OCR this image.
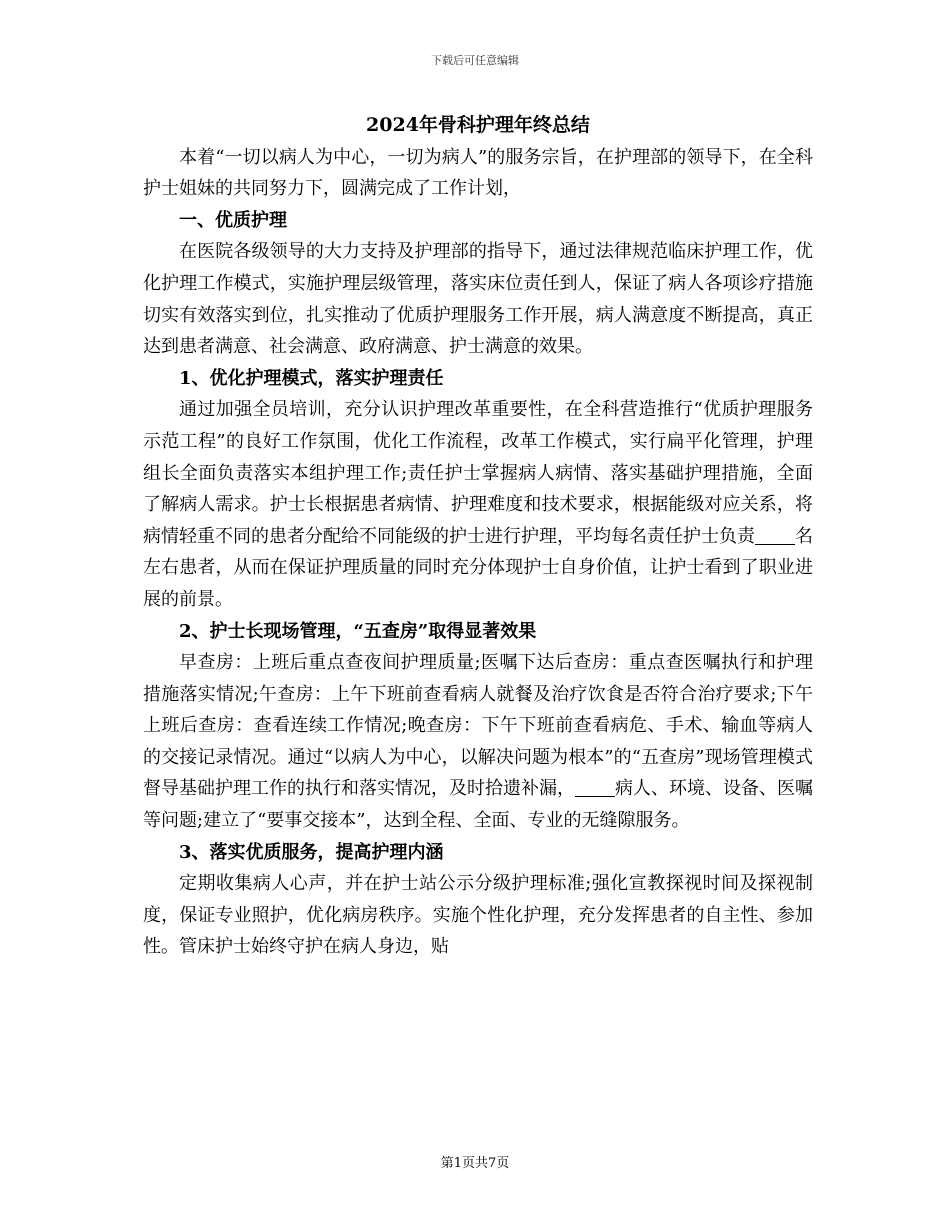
下载后可任意编辑

2024年骨科护理年终总结

本着“一切以病人为中心，一切为病人”的服务宗旨，在护理部的领导下，在全科护士姐妹的共同努力下，圆满完成了工作计划，

一、优质护理

在医院各级领导的大力支持及护理部的指导下，通过法律规范临床护理工作，优化护理工作模式，实施护理层级管理，落实床位责任到人，保证了病人各项诊疗措施切实有效落实到位，扎实推动了优质护理服务工作开展，病人满意度不断提高，真正达到患者满意、社会满意、政府满意、护士满意的效果。

1、优化护理模式，落实护理责任

通过加强全员培训，充分认识护理改革重要性，在全科营造推行“优质护理服务示范工程”的良好工作氛围，优化工作流程，改革工作模式，实行扁平化管理，护理组长全面负责落实本组护理工作;责任护士掌握病人病情、落实基础护理措施，全面了解病人需求。护士长根据患者病情、护理难度和技术要求，根据能级对应关系，将病情轻重不同的患者分配给不同能级的护士进行护理，平均每名责任护士负责 名左右患者，从而在保证护理质量的同时充分体现护士自身价值，让护士看到了职业进展的前景。

2、护士长现场管理，“五查房”取得显著效果

早查房：上班后重点查夜间护理质量;医嘱下达后查房：重点查医嘱执行和护理措施落实情况;午查房：上午下班前查看病人就餐及治疗饮食是否符合治疗要求;下午上班后查房：查看连续工作情况;晚查房：下午下班前查看病危、手术、输血等病人的交接记录情况。通过“以病人为中心，以解决问题为根本”的“五查房”现场管理模式督导基础护理工作的执行和落实情况，及时拾遗补漏， 病人、环境、设备、医嘱等问题;建立了“要事交接本”，达到全程、全面、专业的无缝隙服务。

3、落实优质服务，提高护理内涵

定期收集病人心声，并在护士站公示分级护理标准;强化宣教探视时间及探视制度，保证专业照护，优化病房秩序。实施个性化护理，充分发挥患者的自主性、参加性。管床护士始终守护在病人身边，贴

第1页共7页
